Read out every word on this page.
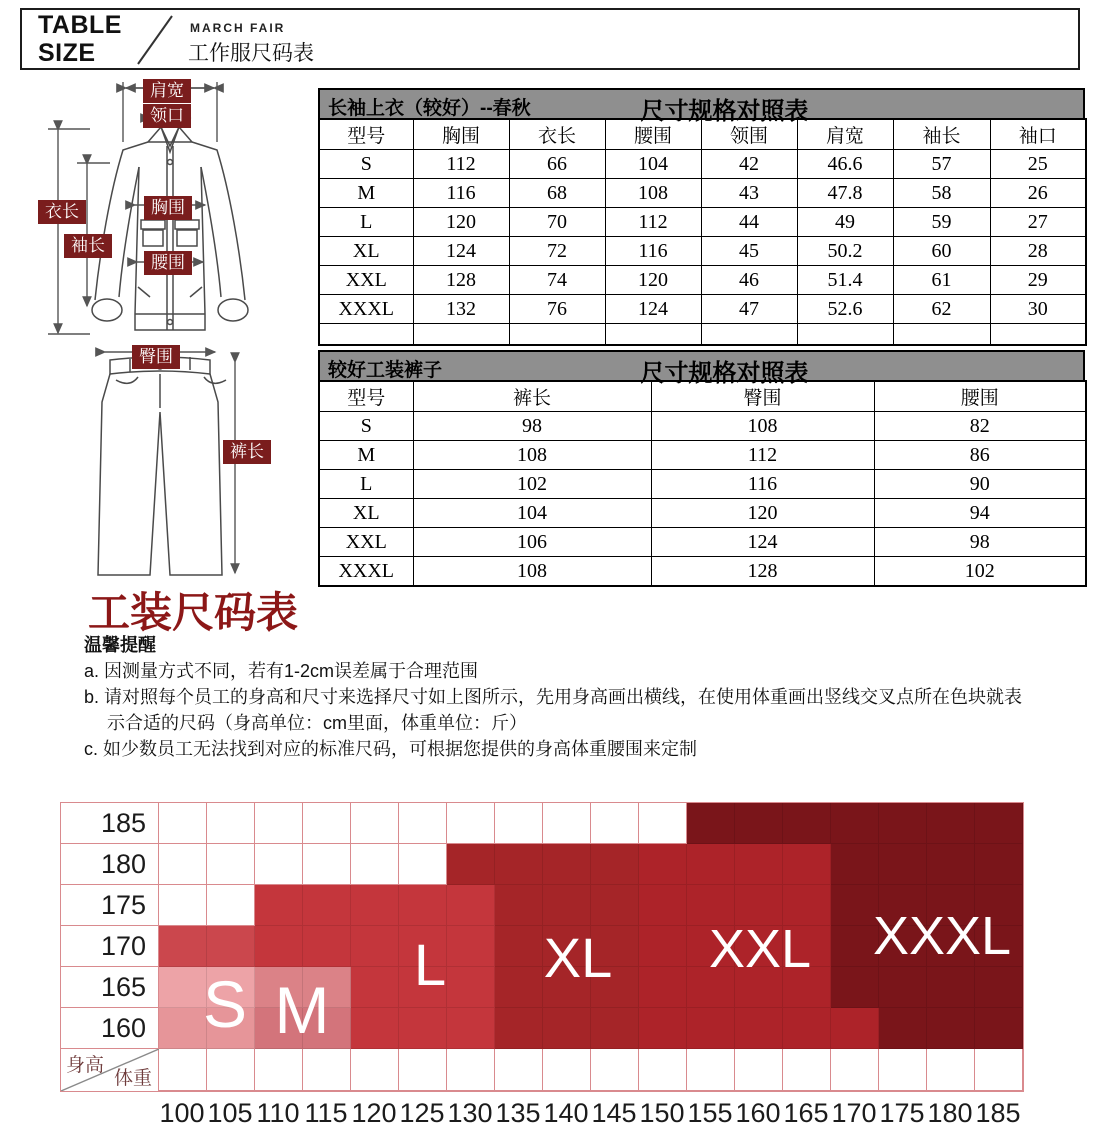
TABLE
SIZE
MARCH FAIR
工作服尺码表
肩宽
领口
衣长
袖长
胸围
腰围
臀围
裤长
长袖上衣（较好）--春秋	尺寸规格对照表
型号	胸围	衣长	腰围	领围	肩宽	袖长	袖口
S	112	66	104	42	46.6	57	25
M	116	68	108	43	47.8	58	26
L	120	70	112	44	49	59	27
XL	124	72	116	45	50.2	60	28
XXL	128	74	120	46	51.4	61	29
XXXL	132	76	124	47	52.6	62	30

较好工装裤子	尺寸规格对照表
型号	裤长	臀围	腰围
S	98	108	82
M	108	112	86
L	102	116	90
XL	104	120	94
XXL	106	124	98
XXXL	108	128	102
工装尺码表
温馨提醒
a. 因测量方式不同，若有1-2cm误差属于合理范围
b. 请对照每个员工的身高和尺寸来选择尺寸如上图所示，先用身高画出横线，在使用体重画出竖线交叉点所在色块就表
　 示合适的尺码（身高单位：cm里面，体重单位：斤）
c. 如少数员工无法找到对应的标准尺码，可根据您提供的身高体重腰围来定制
185
180
175
170
165
160
身高
体重
S M
L XL XXL XXXL
100 105 110 115 120 125 130 135 140 145 150 155 160 165 170 175 180 185
